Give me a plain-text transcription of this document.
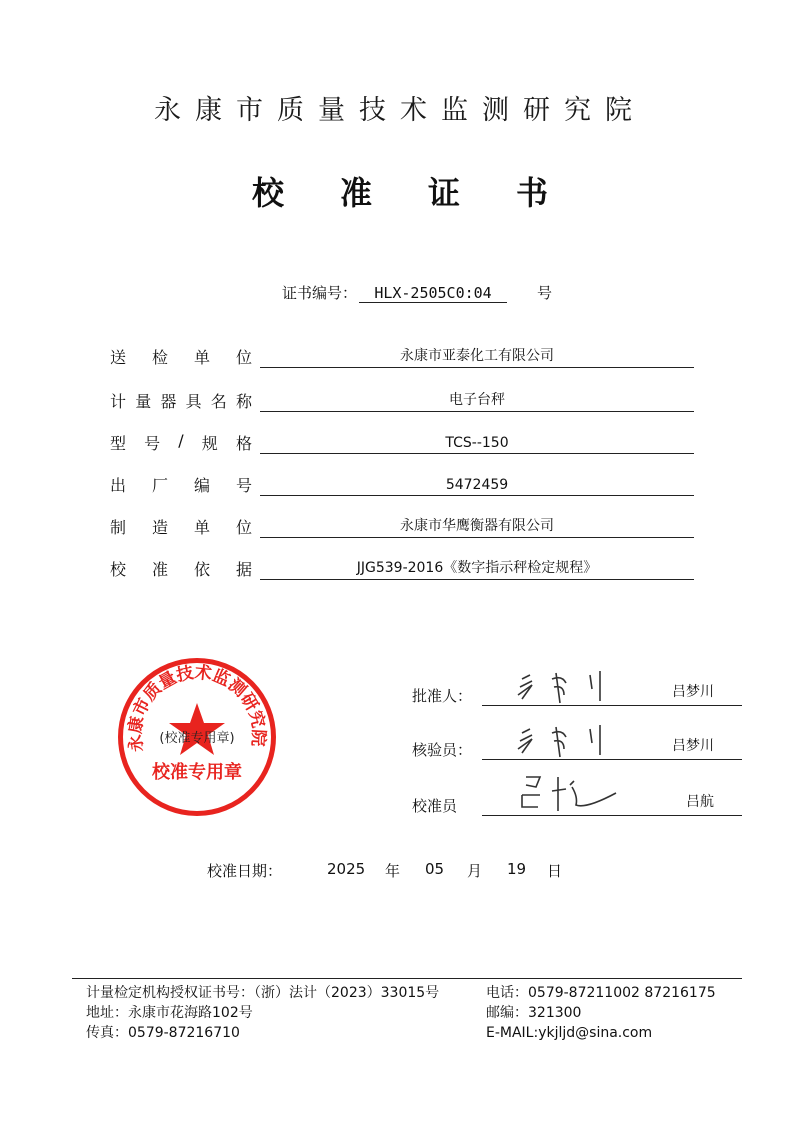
永康市质量技术监测研究院
校准证书
证书编号：	HLX-2505C0:04	号
送 检 单 位	永康市亚泰化工有限公司
计 量 器 具 名 称	电子台秤
型 号 / 规 格	TCS--150
出 厂 编 号	5472459
制 造 单 位	永康市华鹰衡器有限公司
校 准 依 据	JJG539-2016《数字指示秤检定规程》
永康市质量技术监测研究院
(校准专用章)
校准专用章
批准人：	吕梦川
核验员：	吕梦川
校准员	吕航
校准日期：	2025	年	05	月	19	日
计量检定机构授权证书号：（浙）法计（2023）33015号
地址：永康市花海路102号
传真：0579-87216710
电话：0579-87211002 87216175
邮编：321300
E-MAIL:ykjljd@sina.com
